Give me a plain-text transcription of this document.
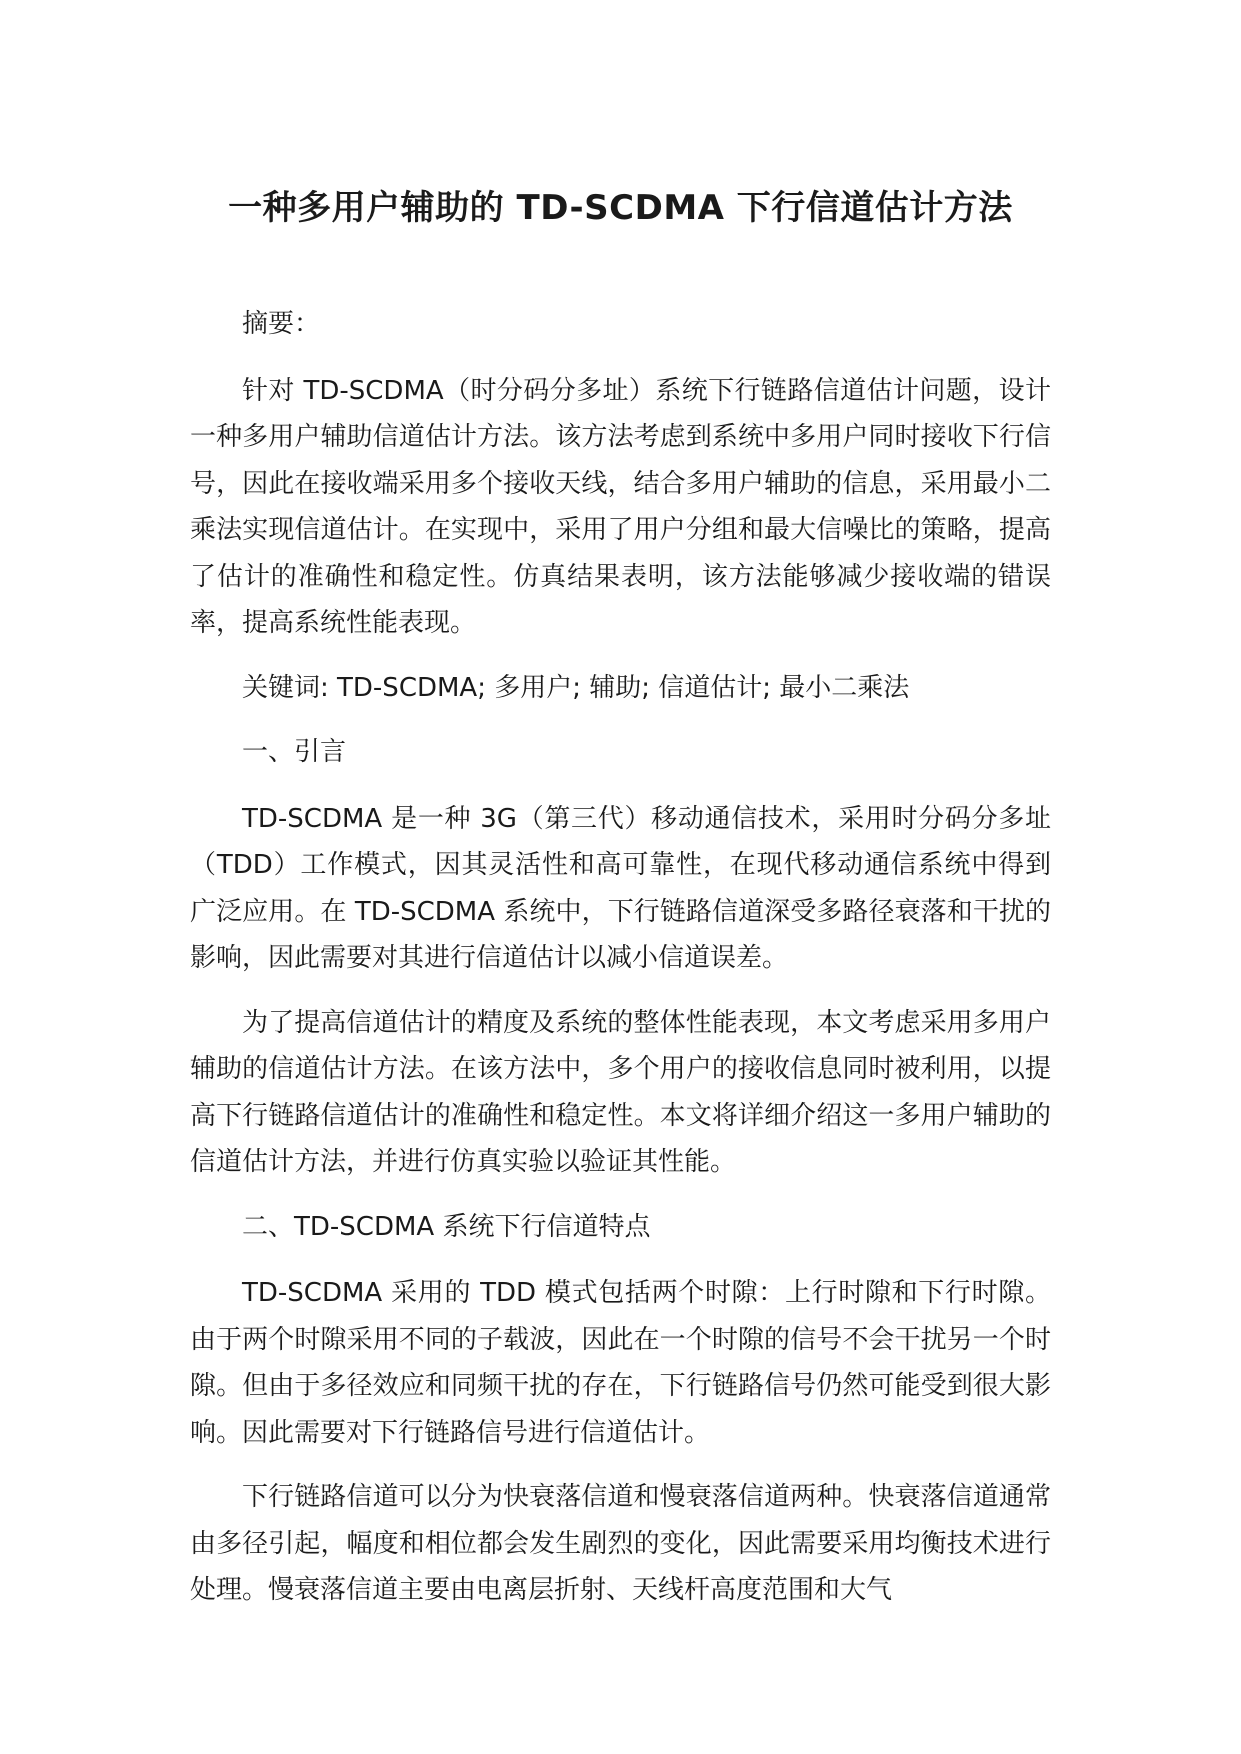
一种多用户辅助的 TD-SCDMA 下行信道估计方法

摘要：

针对 TD-SCDMA（时分码分多址）系统下行链路信道估计问题，设计一种多用户辅助信道估计方法。该方法考虑到系统中多用户同时接收下行信号，因此在接收端采用多个接收天线，结合多用户辅助的信息，采用最小二乘法实现信道估计。在实现中，采用了用户分组和最大信噪比的策略，提高了估计的准确性和稳定性。仿真结果表明，该方法能够减少接收端的错误率，提高系统性能表现。

关键词: TD-SCDMA; 多用户; 辅助; 信道估计; 最小二乘法

一、引言

TD-SCDMA 是一种 3G（第三代）移动通信技术，采用时分码分多址（TDD）工作模式，因其灵活性和高可靠性，在现代移动通信系统中得到广泛应用。在 TD-SCDMA 系统中，下行链路信道深受多路径衰落和干扰的影响，因此需要对其进行信道估计以减小信道误差。

为了提高信道估计的精度及系统的整体性能表现，本文考虑采用多用户辅助的信道估计方法。在该方法中，多个用户的接收信息同时被利用，以提高下行链路信道估计的准确性和稳定性。本文将详细介绍这一多用户辅助的信道估计方法，并进行仿真实验以验证其性能。

二、TD-SCDMA 系统下行信道特点

TD-SCDMA 采用的 TDD 模式包括两个时隙：上行时隙和下行时隙。由于两个时隙采用不同的子载波，因此在一个时隙的信号不会干扰另一个时隙。但由于多径效应和同频干扰的存在，下行链路信号仍然可能受到很大影响。因此需要对下行链路信号进行信道估计。

下行链路信道可以分为快衰落信道和慢衰落信道两种。快衰落信道通常由多径引起，幅度和相位都会发生剧烈的变化，因此需要采用均衡技术进行处理。慢衰落信道主要由电离层折射、天线杆高度范围和大气
